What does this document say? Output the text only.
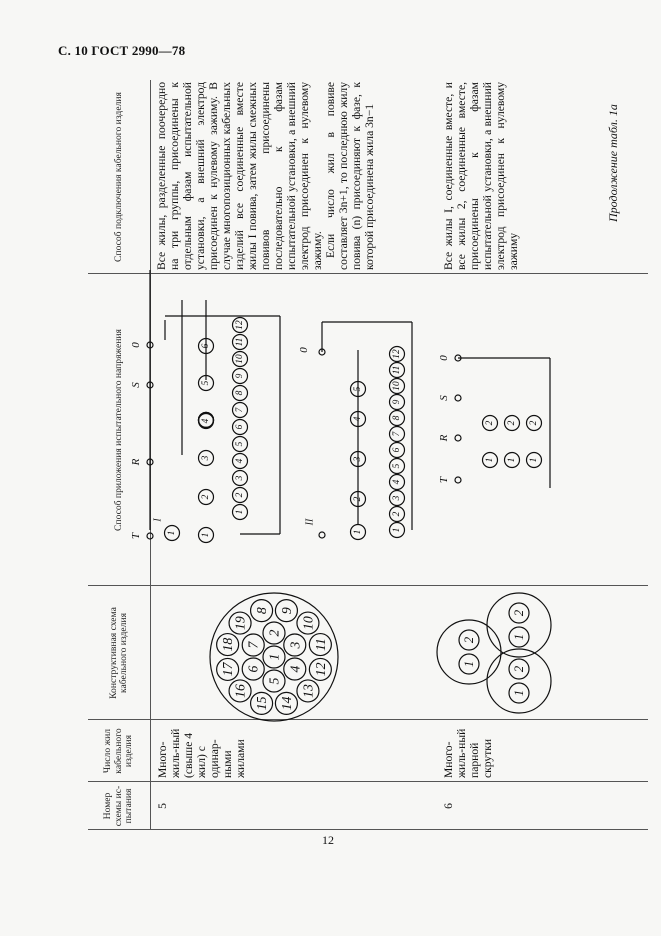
С. 10 ГОСТ 2990—78
Продолжение табл. 1а
Номер схемы ис-пытания
Число жил кабельного изделия
Конструктивная схема кабельного изделия
Способ приложения испытательного напряжения
Способ подключения кабельного изделия
5
Много-жиль-ный (свыше 4 жил) с одинар-ными жилами
Все жилы, разделенные поочередно на три группы, присоединены к отдельным фазам испытательной установки, а внешний электрод присоединен к нулевому зажиму. В случае многопозиционных кабельных изделий все соединенные вместе жилы I повива, затем жилы смежных повивов присоединены последовательно к фазам испытательной установки, а внешний электрод присоединен к нулевому зажиму.
Если число жил в повиве составляет 3n+1, то последнюю жилу повива (n) присоединяют к фазе, к которой присоединена жила 3n−1
6
Много-жиль-ный парной скрутки
Все жилы I, соединенные вместе, и все жилы 2, соединенные вместе, присоединены к фазам испытательной установки, а внешний электрод присоединен к нулевому зажиму
1
2
3
4
5
6
7
8 9
10
11
12
13
14
15
16
17
18
19
1
2	1
2
1
2
1
2
3
4
5
6
7
8
9
10
11
12
1
2
3
4
5
6
1
T
R
S
0
I
1
2
3
4
5
6
7
8
9
10
11
12
1
2
3
4
5
0
II
1
2
1
2
1
2
T
R
S
0
12
